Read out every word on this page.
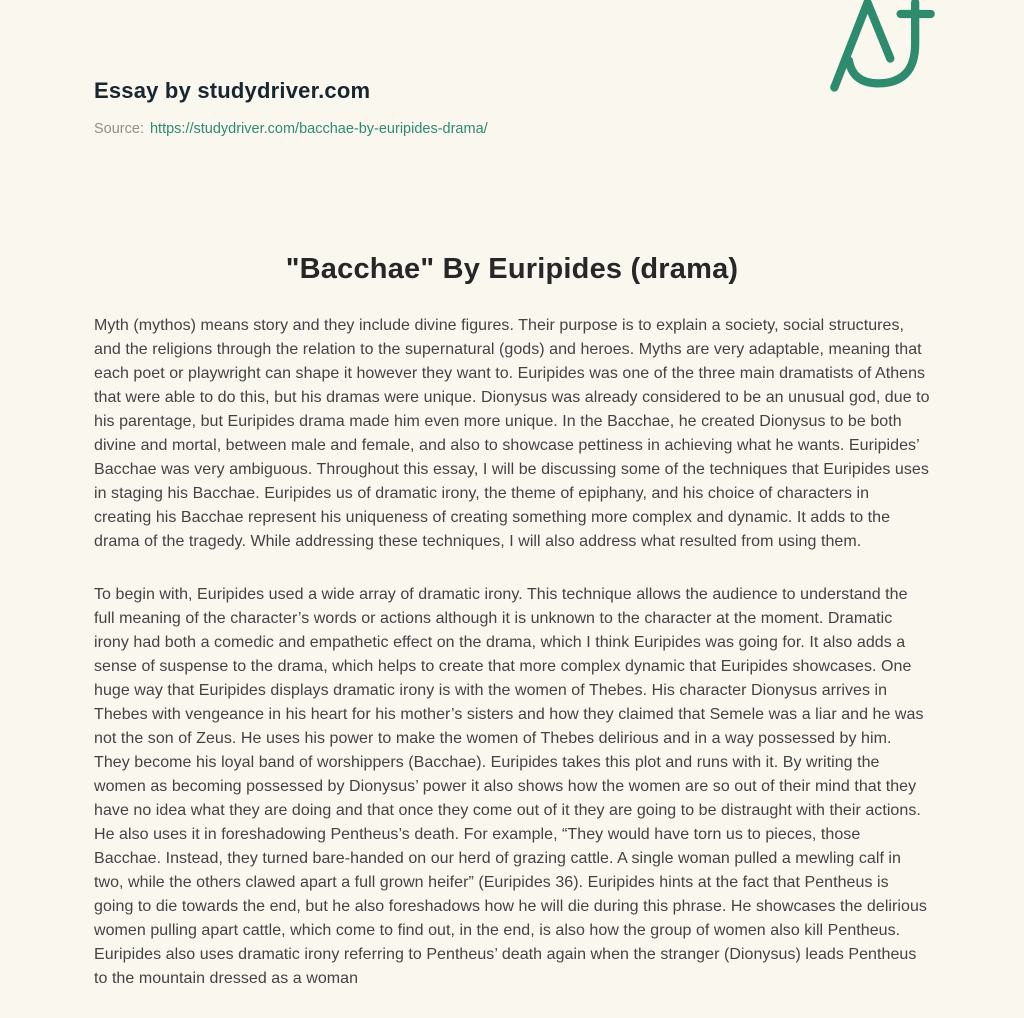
Essay by studydriver.com
Source: https://studydriver.com/bacchae-by-euripides-drama/
"Bacchae" By Euripides (drama)

Myth (mythos) means story and they include divine figures. Their purpose is to explain a society, social structures, and the religions through the relation to the supernatural (gods) and heroes. Myths are very adaptable, meaning that each poet or playwright can shape it however they want to. Euripides was one of the three main dramatists of Athens that were able to do this, but his dramas were unique. Dionysus was already considered to be an unusual god, due to his parentage, but Euripides drama made him even more unique. In the Bacchae, he created Dionysus to be both divine and mortal, between male and female, and also to showcase pettiness in achieving what he wants. Euripides’ Bacchae was very ambiguous. Throughout this essay, I will be discussing some of the techniques that Euripides uses in staging his Bacchae. Euripides us of dramatic irony, the theme of epiphany, and his choice of characters in creating his Bacchae represent his uniqueness of creating something more complex and dynamic. It adds to the drama of the tragedy. While addressing these techniques, I will also address what resulted from using them.

To begin with, Euripides used a wide array of dramatic irony. This technique allows the audience to understand the full meaning of the character’s words or actions although it is unknown to the character at the moment. Dramatic irony had both a comedic and empathetic effect on the drama, which I think Euripides was going for. It also adds a sense of suspense to the drama, which helps to create that more complex dynamic that Euripides showcases. One huge way that Euripides displays dramatic irony is with the women of Thebes. His character Dionysus arrives in Thebes with vengeance in his heart for his mother’s sisters and how they claimed that Semele was a liar and he was not the son of Zeus. He uses his power to make the women of Thebes delirious and in a way possessed by him. They become his loyal band of worshippers (Bacchae). Euripides takes this plot and runs with it. By writing the women as becoming possessed by Dionysus’ power it also shows how the women are so out of their mind that they have no idea what they are doing and that once they come out of it they are going to be distraught with their actions. He also uses it in foreshadowing Pentheus’s death. For example, “They would have torn us to pieces, those Bacchae. Instead, they turned bare-handed on our herd of grazing cattle. A single woman pulled a mewling calf in two, while the others clawed apart a full grown heifer” (Euripides 36). Euripides hints at the fact that Pentheus is going to die towards the end, but he also foreshadows how he will die during this phrase. He showcases the delirious women pulling apart cattle, which come to find out, in the end, is also how the group of women also kill Pentheus. Euripides also uses dramatic irony referring to Pentheus’ death again when the stranger (Dionysus) leads Pentheus to the mountain dressed as a woman
